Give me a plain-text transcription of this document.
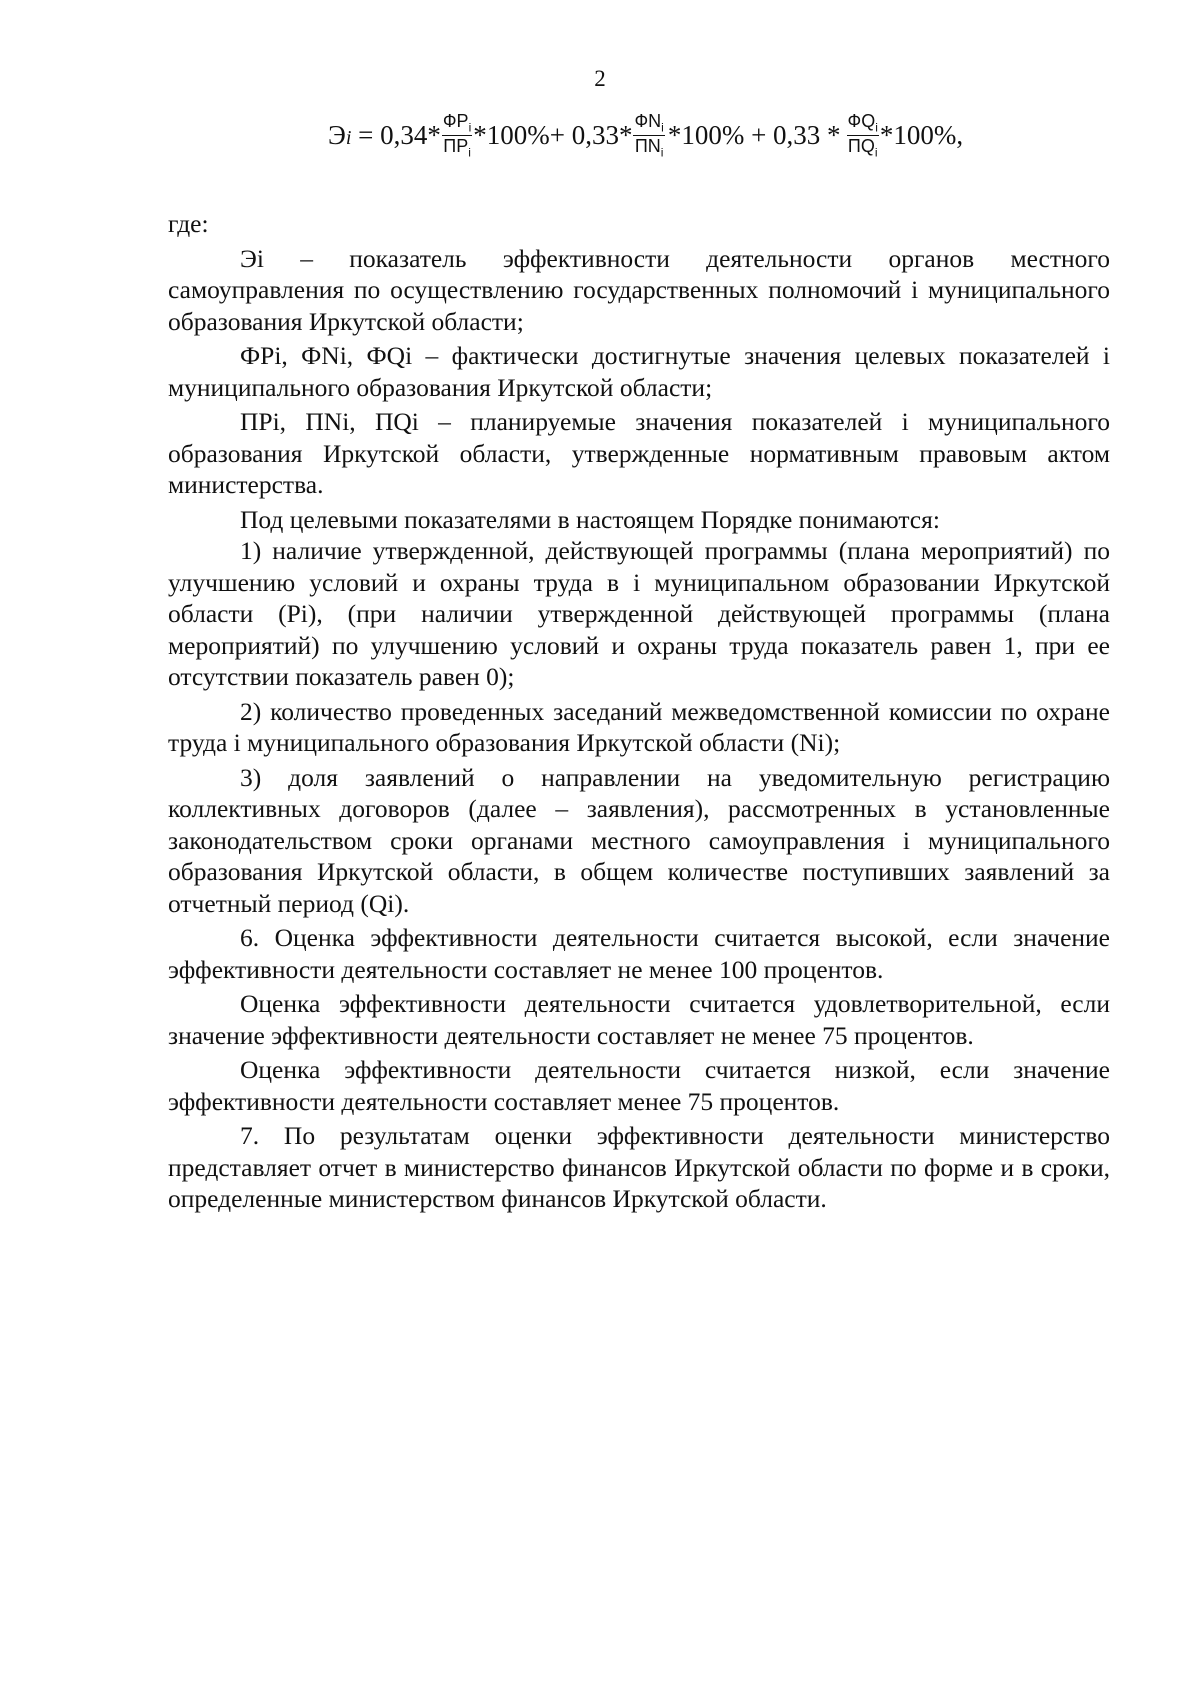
2
Эi = $0,34* \frac{ФР_i}{ПР_i} *100\%+ 0,33* \frac{ФN_i}{ПN_i} *100\% + 0,33 * \frac{ФQ_i}{ПQ_i} *100\%$,

где:

Эi – показатель эффективности деятельности органов местного самоуправления по осуществлению государственных полномочий i муниципального образования Иркутской области;

ФРi, ФNi, ФQi – фактически достигнутые значения целевых показателей i муниципального образования Иркутской области;

ПРi, ПNi, ПQi – планируемые значения показателей i муниципального образования Иркутской области, утвержденные нормативным правовым актом министерства.

Под целевыми показателями в настоящем Порядке понимаются:

1) наличие утвержденной, действующей программы (плана мероприятий) по улучшению условий и охраны труда в i муниципальном образовании Иркутской области (Pi), (при наличии утвержденной действующей программы (плана мероприятий) по улучшению условий и охраны труда показатель равен 1, при ее отсутствии показатель равен 0);

2) количество проведенных заседаний межведомственной комиссии по охране труда i муниципального образования Иркутской области (Ni);

3) доля заявлений о направлении на уведомительную регистрацию коллективных договоров (далее – заявления), рассмотренных в установленные законодательством сроки органами местного самоуправления i муниципального образования Иркутской области, в общем количестве поступивших заявлений за отчетный период (Qi).

6. Оценка эффективности деятельности считается высокой, если значение эффективности деятельности составляет не менее 100 процентов.

Оценка эффективности деятельности считается удовлетворительной, если значение эффективности деятельности составляет не менее 75 процентов.

Оценка эффективности деятельности считается низкой, если значение эффективности деятельности составляет менее 75 процентов.

7. По результатам оценки эффективности деятельности министерство представляет отчет в министерство финансов Иркутской области по форме и в сроки, определенные министерством финансов Иркутской области.
